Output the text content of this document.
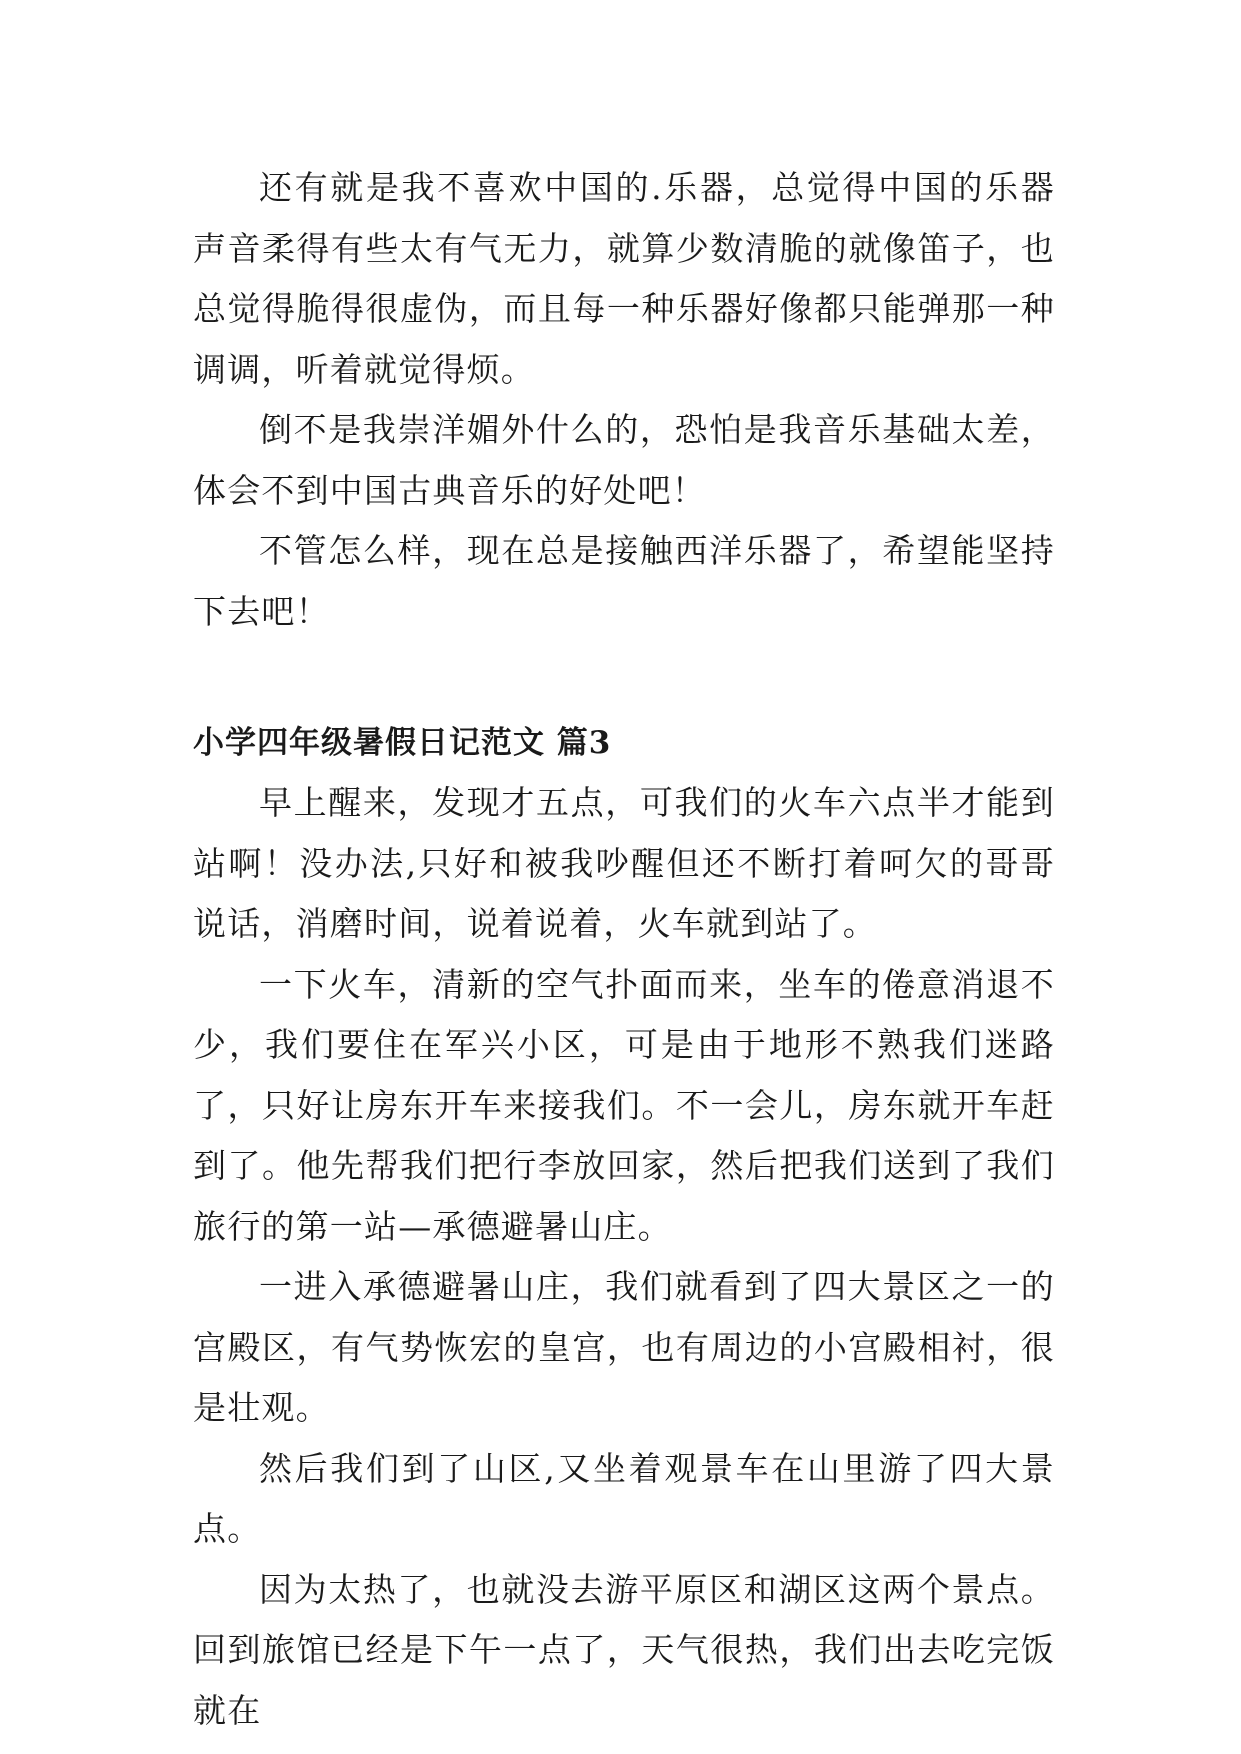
还有就是我不喜欢中国的.乐器，总觉得中国的乐器声音柔得有些太有气无力，就算少数清脆的就像笛子，也总觉得脆得很虚伪，而且每一种乐器好像都只能弹那一种调调，听着就觉得烦。

倒不是我崇洋媚外什么的，恐怕是我音乐基础太差，体会不到中国古典音乐的好处吧！

不管怎么样，现在总是接触西洋乐器了，希望能坚持下去吧！

小学四年级暑假日记范文 篇3

早上醒来，发现才五点，可我们的火车六点半才能到站啊！没办法,只好和被我吵醒但还不断打着呵欠的哥哥说话，消磨时间，说着说着，火车就到站了。

一下火车，清新的空气扑面而来，坐车的倦意消退不少，我们要住在军兴小区，可是由于地形不熟我们迷路了，只好让房东开车来接我们。不一会儿，房东就开车赶到了。他先帮我们把行李放回家，然后把我们送到了我们旅行的第一站—承德避暑山庄。

一进入承德避暑山庄，我们就看到了四大景区之一的宫殿区，有气势恢宏的皇宫，也有周边的小宫殿相衬，很是壮观。

然后我们到了山区,又坐着观景车在山里游了四大景点。

因为太热了，也就没去游平原区和湖区这两个景点。回到旅馆已经是下午一点了，天气很热，我们出去吃完饭就在
